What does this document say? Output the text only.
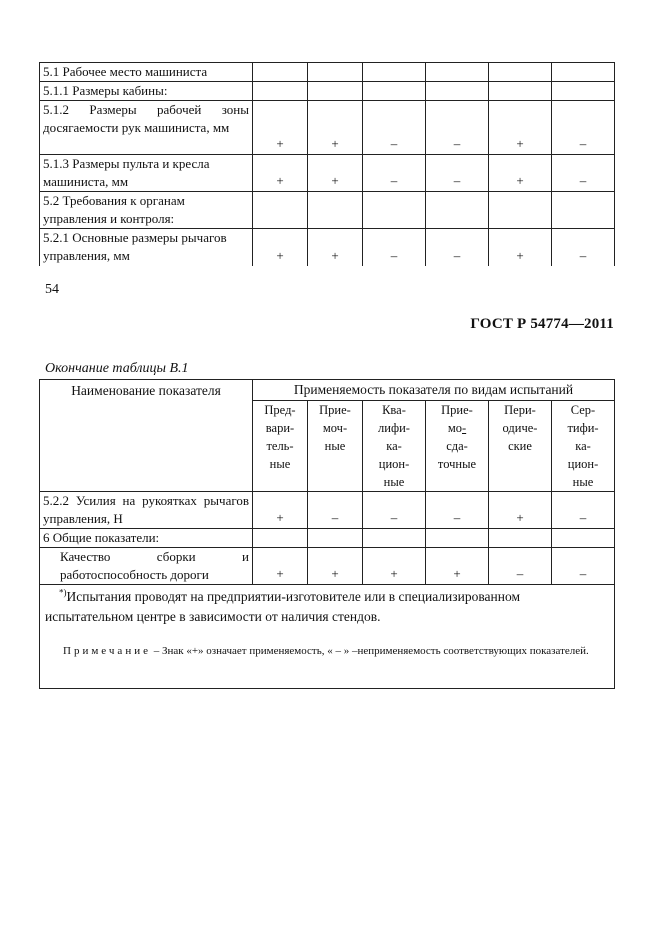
5.1 Рабочее место машиниста						
5.1.1 Размеры кабины:						
5.1.2 Размеры рабочей зоны досягаемости рук машиниста, мм	+	+	–	–	+	–
5.1.3 Размеры пульта и кресла машиниста, мм	+	+	–	–	+	–
5.2 Требования к органам управления и контроля:						
5.2.1 Основные размеры рычагов управления, мм	+	+	–	–	+	–
54
ГОСТ Р 54774—2011
Окончание таблицы В.1
Наименование показателя	Применяемость показателя по видам испытаний					
	Пред-
вари-
тель-
ные	Прие-
моч-
ные	Ква-
лифи-
ка-
цион-
ные	Прие-
мо-
сда-
точные	Пери-
одиче-
ские	Сер-
тифи-
ка-
цион-
ные
5.2.2 Усилия на рукоятках рычагов управления, Н	+	–	–	–	+	–
6 Общие показатели:						
Качество сборки и работоспособность дороги	+	+	+	+	–	–

*)Испытания проводят на предприятии-изготовителе или в специализированном испытательном центре в зависимости от наличия стендов.
Примечание – Знак «+» означает применяемость, « – » –неприменяемость соответствующих показателей.						
